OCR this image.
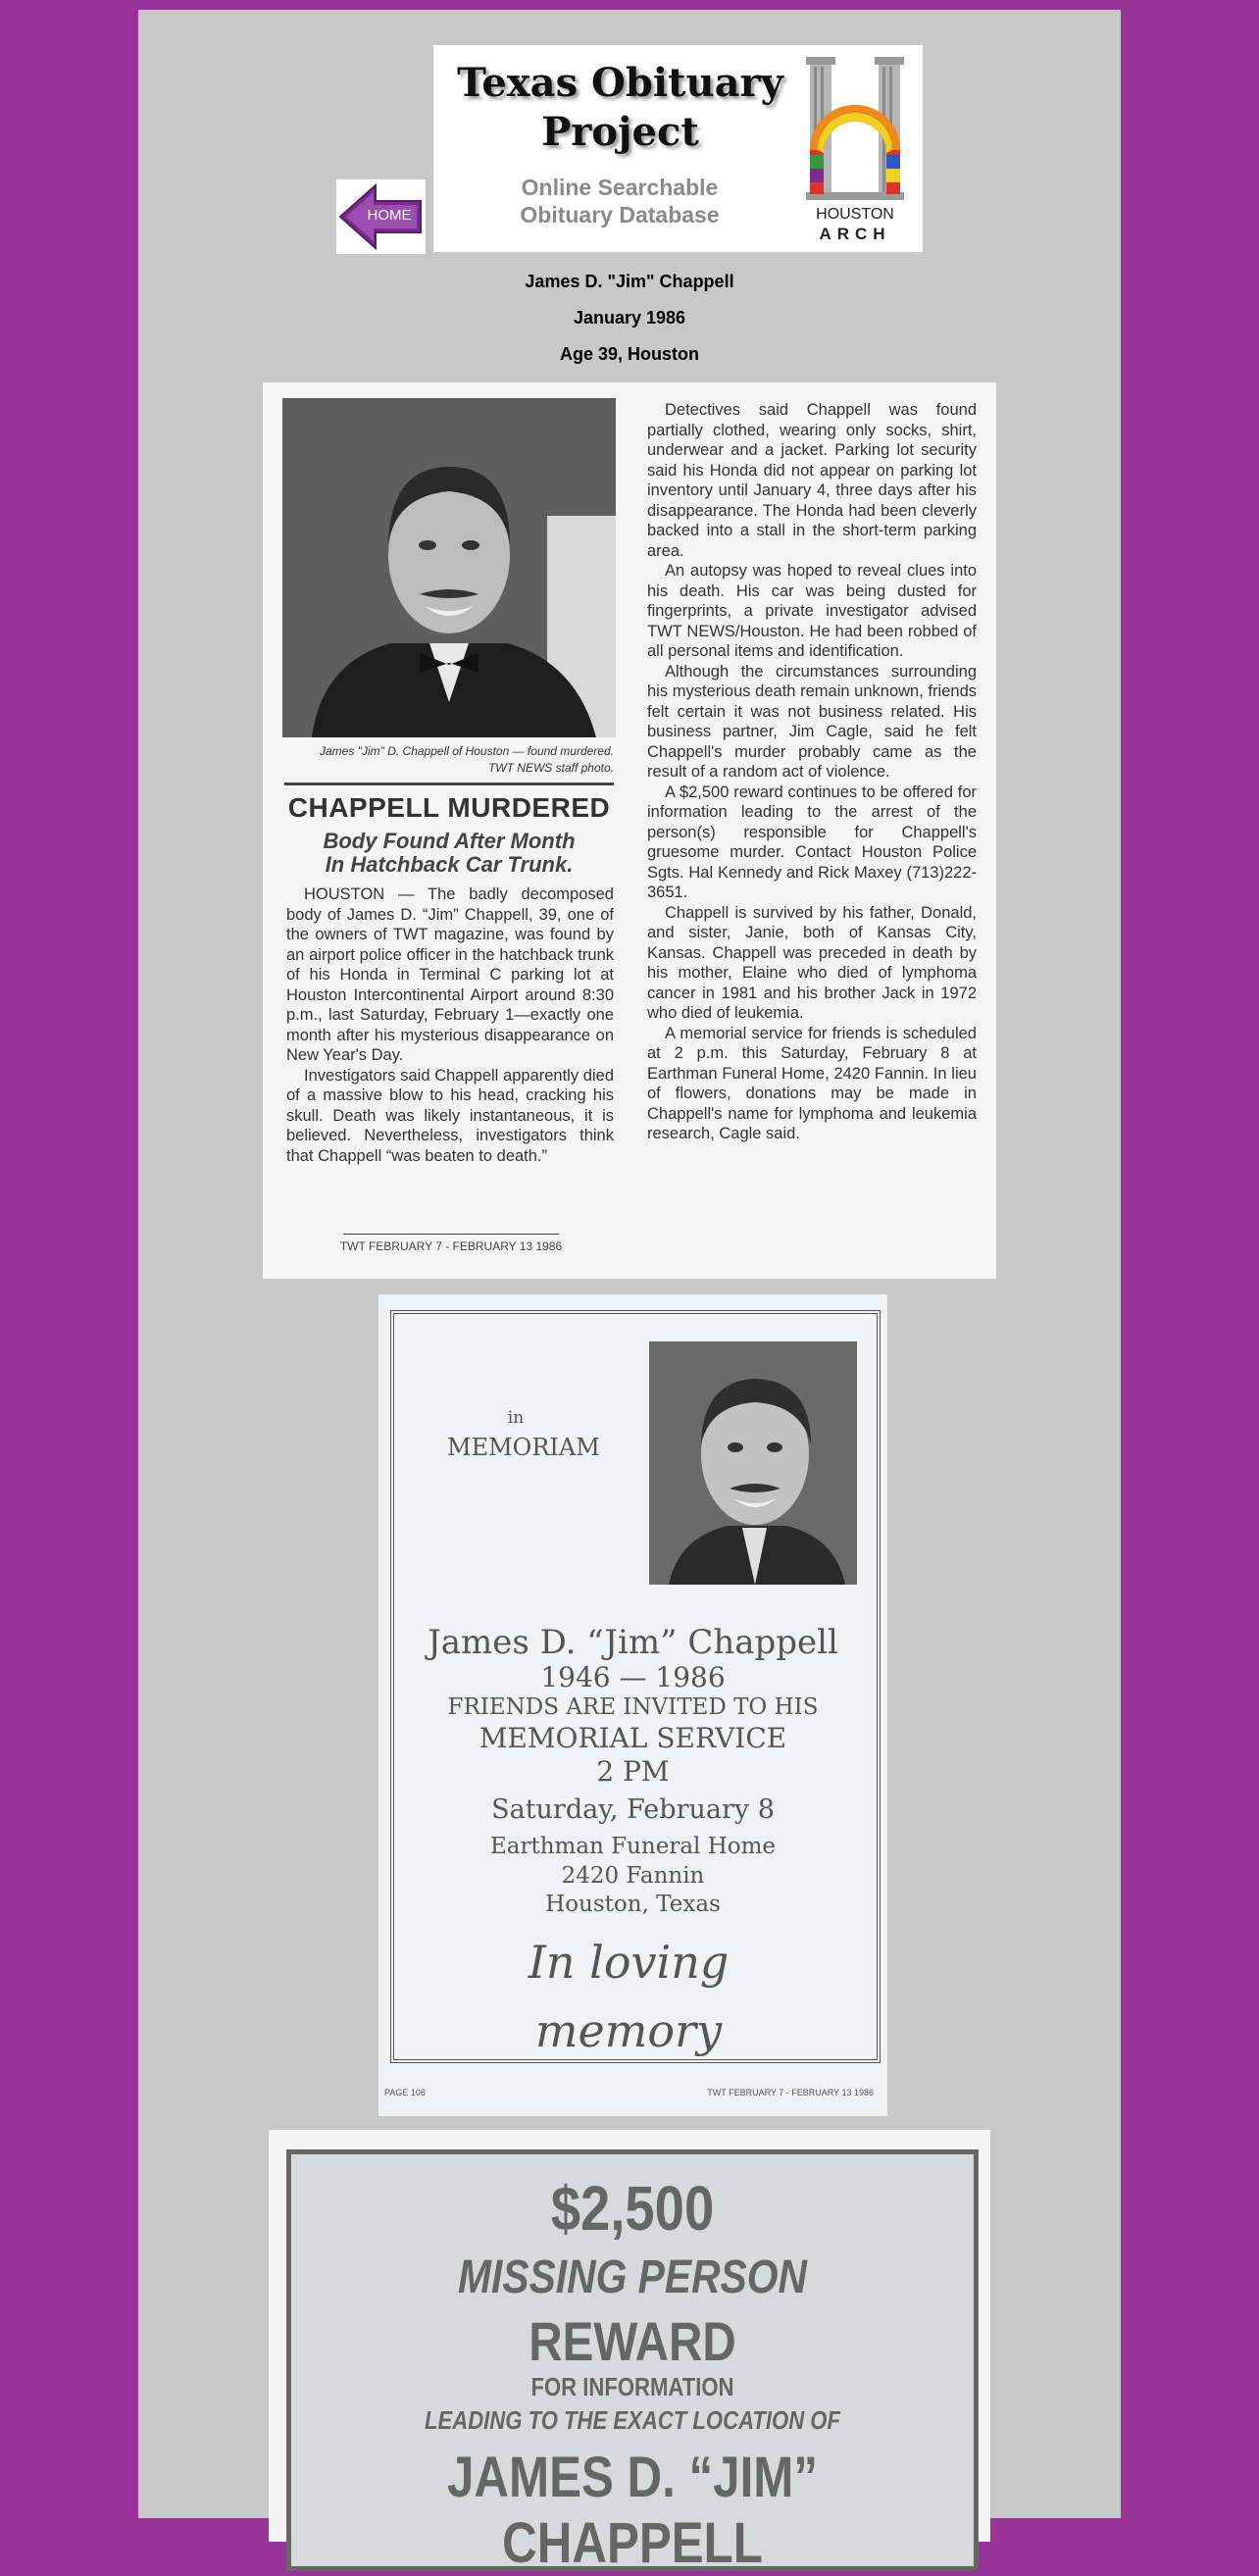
HOME
Texas Obituary
Project
Online Searchable
Obituary Database	HOUSTON
ARCH
James D. "Jim" Chappell
January 1986
Age 39, Houston
James "Jim" D. Chappell of Houston — found murdered.
TWT NEWS staff photo.
CHAPPELL MURDERED
Body Found After Month
In Hatchback Car Trunk.

HOUSTON — The badly decomposed body of James D. “Jim” Chappell, 39, one of the owners of TWT magazine, was found by an airport police officer in the hatchback trunk of his Honda in Terminal C parking lot at Houston Intercontinental Airport around 8:30 p.m., last Saturday, February 1—exactly one month after his mysterious disappearance on New Year's Day.

Investigators said Chappell apparently died of a massive blow to his head, cracking his skull. Death was likely instantaneous, it is believed. Nevertheless, investigators think that Chappell “was beaten to death.”

Detectives said Chappell was found partially clothed, wearing only socks, shirt, underwear and a jacket. Parking lot security said his Honda did not appear on parking lot inventory until January 4, three days after his disappearance. The Honda had been cleverly backed into a stall in the short-term parking area.

An autopsy was hoped to reveal clues into his death. His car was being dusted for fingerprints, a private investigator advised TWT NEWS/Houston. He had been robbed of all personal items and identification.

Although the circumstances surrounding his mysterious death remain unknown, friends felt certain it was not business related. His business partner, Jim Cagle, said he felt Chappell's murder probably came as the result of a random act of violence.

A $2,500 reward continues to be offered for information leading to the arrest of the person(s) responsible for Chappell's gruesome murder. Contact Houston Police Sgts. Hal Kennedy and Rick Maxey (713)222-3651.

Chappell is survived by his father, Donald, and sister, Janie, both of Kansas City, Kansas. Chappell was preceded in death by his mother, Elaine who died of lymphoma cancer in 1981 and his brother Jack in 1972 who died of leukemia.

A memorial service for friends is scheduled at 2 p.m. this Saturday, February 8 at Earthman Funeral Home, 2420 Fannin. In lieu of flowers, donations may be made in Chappell's name for lymphoma and leukemia research, Cagle said.

TWT FEBRUARY 7 - FEBRUARY 13 1986
in
MEMORIAM
James D. “Jim” Chappell
1946 — 1986
FRIENDS ARE INVITED TO HIS
MEMORIAL SERVICE
2 PM
Saturday, February 8
Earthman Funeral Home
2420 Fannin
Houston, Texas
In loving memory
PAGE 106	TWT FEBRUARY 7 - FEBRUARY 13 1986
$2,500
MISSING PERSON
REWARD
FOR INFORMATION
LEADING TO THE EXACT LOCATION OF
JAMES D. “JIM” CHAPPELL
